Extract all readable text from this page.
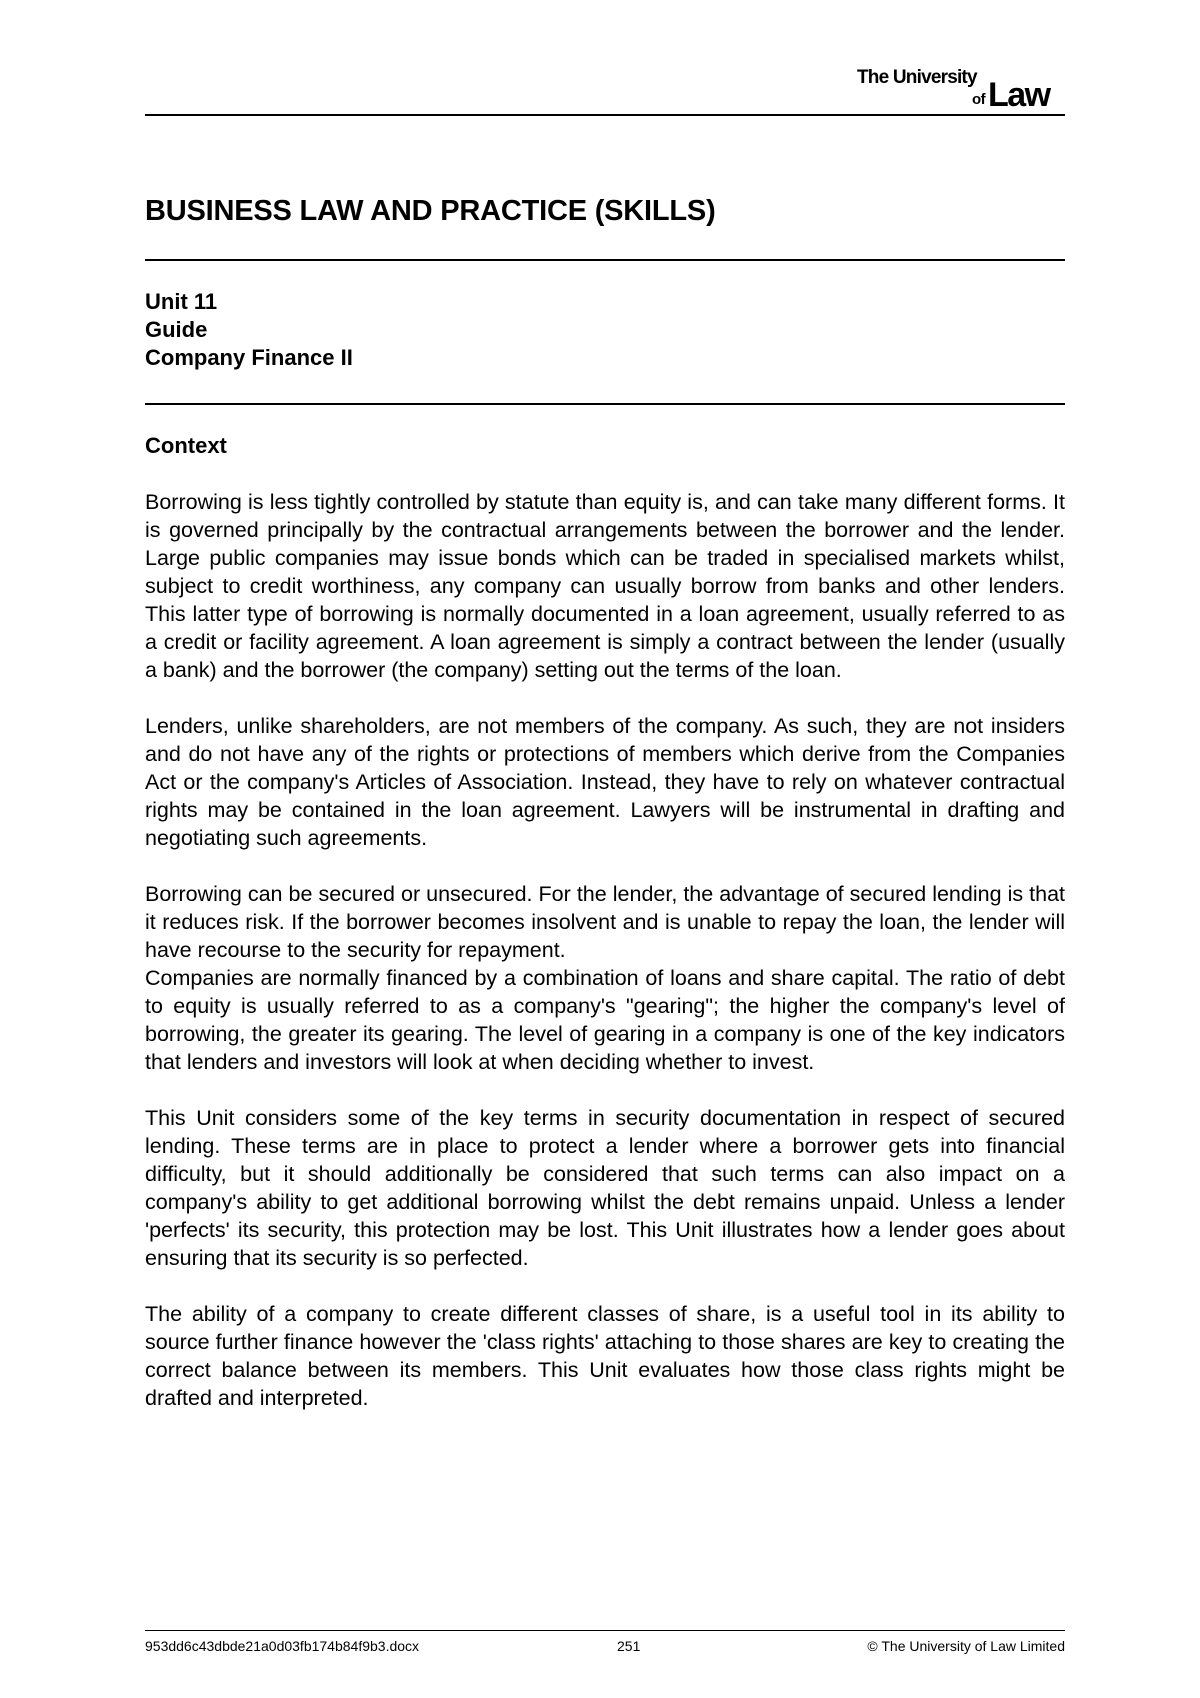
The University
of Law
BUSINESS LAW AND PRACTICE (SKILLS)
Unit 11
Guide
Company Finance II
Context

Borrowing is less tightly controlled by statute than equity is, and can take many different forms. It is governed principally by the contractual arrangements between the borrower and the lender. Large public companies may issue bonds which can be traded in specialised markets whilst, subject to credit worthiness, any company can usually borrow from banks and other lenders. This latter type of borrowing is normally documented in a loan agreement, usually referred to as a credit or facility agreement. A loan agreement is simply a contract between the lender (usually a bank) and the borrower (the company) setting out the terms of the loan.

Lenders, unlike shareholders, are not members of the company. As such, they are not insiders and do not have any of the rights or protections of members which derive from the Companies Act or the company's Articles of Association. Instead, they have to rely on whatever contractual rights may be contained in the loan agreement. Lawyers will be instrumental in drafting and negotiating such agreements.

Borrowing can be secured or unsecured. For the lender, the advantage of secured lending is that it reduces risk. If the borrower becomes insolvent and is unable to repay the loan, the lender will have recourse to the security for repayment.

Companies are normally financed by a combination of loans and share capital. The ratio of debt to equity is usually referred to as a company's "gearing"; the higher the company's level of borrowing, the greater its gearing. The level of gearing in a company is one of the key indicators that lenders and investors will look at when deciding whether to invest.

This Unit considers some of the key terms in security documentation in respect of secured lending. These terms are in place to protect a lender where a borrower gets into financial difficulty, but it should additionally be considered that such terms can also impact on a company's ability to get additional borrowing whilst the debt remains unpaid. Unless a lender 'perfects' its security, this protection may be lost. This Unit illustrates how a lender goes about ensuring that its security is so perfected.

The ability of a company to create different classes of share, is a useful tool in its ability to source further finance however the 'class rights' attaching to those shares are key to creating the correct balance between its members. This Unit evaluates how those class rights might be drafted and interpreted.

953dd6c43dbde21a0d03fb174b84f9b3.docx	251	© The University of Law Limited
